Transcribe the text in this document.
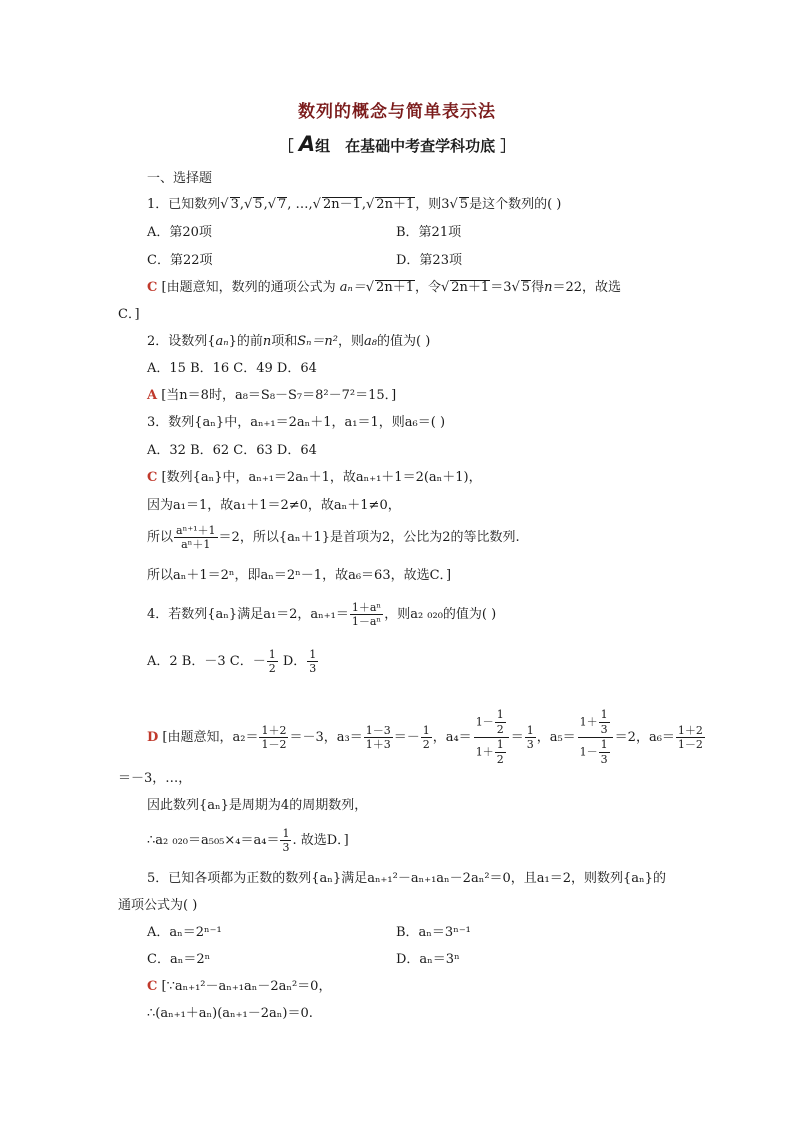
数列的概念与简单表示法
［ A组　 在基础中考查学科功底 ］
一、选择题
1．已知数列√ 3,√ 5,√ 7, …,√ 2n－1,√ 2n＋1，则3√ 5是这个数列的( )
A．第20项	B．第21项
C．第22项	D．第23项
C [由题意知，数列的通项公式为 aₙ＝√ 2n＋1，令√ 2n＋1＝3√ 5得n＝22，故选
C．]
2．设数列{aₙ}的前n项和Sₙ＝n²，则a₈的值为( )
A．15 B．16 C．49 D．64
A [当n＝8时，a₈＝S₈－S₇＝8²－7²＝15．]
3．数列{aₙ}中，aₙ₊₁＝2aₙ＋1，a₁＝1，则a₆＝( )
A．32 B．62 C．63 D．64
C [数列{aₙ}中，aₙ₊₁＝2aₙ＋1，故aₙ₊₁＋1＝2(aₙ＋1)，
因为a₁＝1，故a₁＋1＝2≠0，故aₙ＋1≠0，
所以 $\frac{\text{aⁿ⁺¹＋1}}{\text{aⁿ＋1}} =2$，所以{aₙ＋1}是首项为2，公比为2的等比数列.
所以aₙ＋1＝2ⁿ，即aₙ＝2ⁿ－1，故a₆＝63，故选C．]
4．若数列{aₙ}满足a₁＝2，$a_{n+1}= \frac{\text{1＋aⁿ}}{\text{1－aⁿ}}$ ，则a₂ ₀₂₀的值为( )
A．2 B．－3 C．－ $\frac{1}{2}$ D． $\frac{1}{3}$
D [由题意知，$a_2= \frac{1+2}{1-2} =-3$，$a_3= \frac{1-3}{1+3} =- \frac{1}{2}$ ，$a_4= \frac{1- \frac{1}{2}}{1+ \frac{1}{2}} = \frac{1}{3}$ ，$a_5= \frac{1+ \frac{1}{3}}{1- \frac{1}{3}} =2$，$a_6= \frac{1+2}{1-2}$
＝－3，…，
因此数列{aₙ}是周期为4的周期数列，
∴a₂ $_{020}=a_{505}\times_4=a_4= \frac{1}{3}$ . 故选D．]
5．已知各项都为正数的数列{aₙ}满足aₙ₊₁²－aₙ₊₁aₙ－2aₙ²＝0，且a₁＝2，则数列{aₙ}的
通项公式为( )
A．aₙ＝2ⁿ⁻¹	B．aₙ＝3ⁿ⁻¹
C．aₙ＝2ⁿ	D．aₙ＝3ⁿ
C [∵aₙ₊₁²－aₙ₊₁aₙ－2aₙ²＝0，
∴(aₙ₊₁＋aₙ)(aₙ₊₁－2aₙ)＝0.
